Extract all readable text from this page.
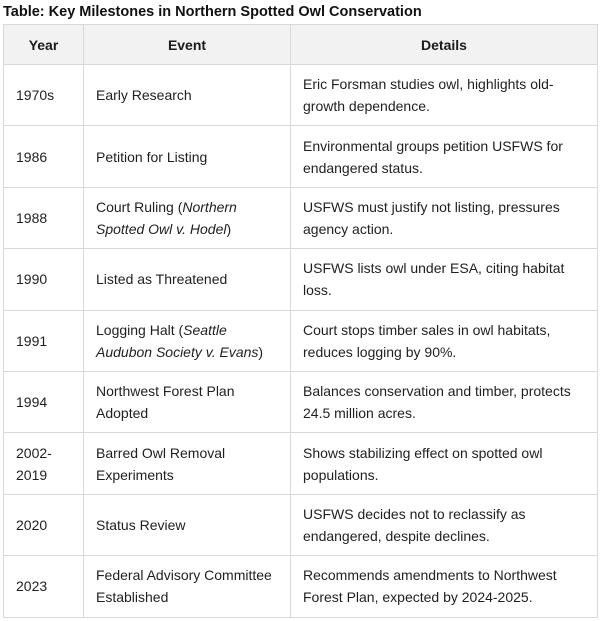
Table: Key Milestones in Northern Spotted Owl Conservation
Year	Event	Details
1970s	Early Research	Eric Forsman studies owl, highlights old-growth dependence.
1986	Petition for Listing	Environmental groups petition USFWS for endangered status.
1988	Court Ruling (Northern Spotted Owl v. Hodel)	USFWS must justify not listing, pressures agency action.
1990	Listed as Threatened	USFWS lists owl under ESA, citing habitat loss.
1991	Logging Halt (Seattle Audubon Society v. Evans)	Court stops timber sales in owl habitats, reduces logging by 90%.
1994	Northwest Forest Plan Adopted	Balances conservation and timber, protects 24.5 million acres.
2002-2019	Barred Owl Removal Experiments	Shows stabilizing effect on spotted owl populations.
2020	Status Review	USFWS decides not to reclassify as endangered, despite declines.
2023	Federal Advisory Committee Established	Recommends amendments to Northwest Forest Plan, expected by 2024-2025.
